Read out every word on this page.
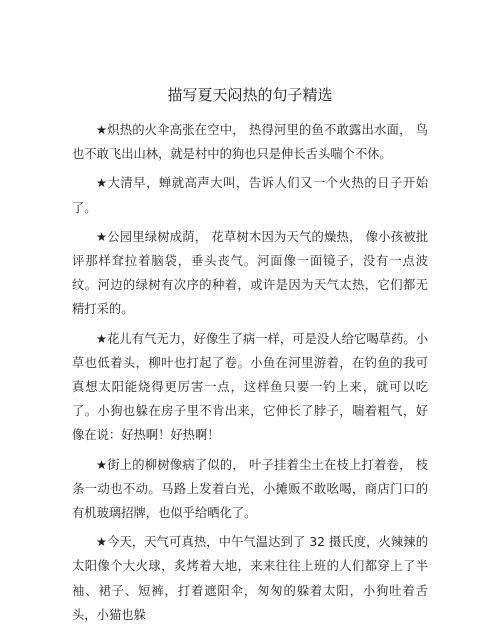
描写夏天闷热的句子精选

★炽热的火伞高张在空中， 热得河里的鱼不敢露出水面， 鸟也不敢飞出山林，就是村中的狗也只是伸长舌头喘个不休。

★大清早，蝉就高声大叫，告诉人们又一个火热的日子开始了。

★公园里绿树成荫， 花草树木因为天气的燥热， 像小孩被批评那样耷拉着脑袋，垂头丧气。河面像一面镜子，没有一点波纹。河边的绿树有次序的种着，或许是因为天气太热，它们都无精打采的。

★花儿有气无力，好像生了病一样，可是没人给它喝草药。小草也低着头，柳叶也打起了卷。小鱼在河里游着，在钓鱼的我可真想太阳能烧得更厉害一点，这样鱼只要一钓上来，就可以吃了。小狗也躲在房子里不肯出来，它伸长了脖子，喘着粗气，好像在说：好热啊！好热啊！

★街上的柳树像病了似的， 叶子挂着尘土在枝上打着卷， 枝条一动也不动。马路上发着白光，小摊贩不敢吆喝，商店门口的有机玻璃招牌，也似乎给晒化了。

★今天，天气可真热，中午气温达到了 32 摄氏度，火辣辣的太阳像个大火球，炙烤着大地，来来往往上班的人们都穿上了半袖、裙子、短裤，打着遮阳伞，匆匆的躲着太阳，小狗吐着舌头，小猫也躲
